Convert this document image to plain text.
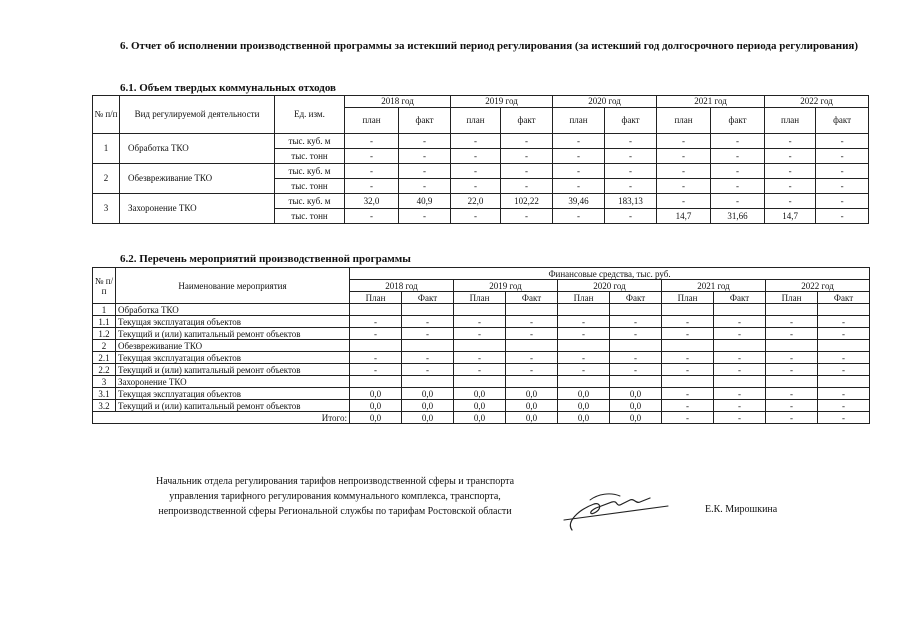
6. Отчет об исполнении производственной программы за истекший период регулирования (за истекший год долгосрочного периода регулирования)
6.1. Объем твердых коммунальных отходов
№ п/п	Вид регулируемой деятельности	Ед. изм.	2018 год		2019 год		2020 год		2021 год		2022 год	
			план	факт	план	факт	план	факт	план	факт	план	факт
1	Обработка ТКО	тыс. куб. м	-	-	-	-	-	-	-	-	-	-
		тыс. тонн	-	-	-	-	-	-	-	-	-	-
2	Обезвреживание ТКО	тыс. куб. м	-	-	-	-	-	-	-	-	-	-
		тыс. тонн	-	-	-	-	-	-	-	-	-	-
3	Захоронение ТКО	тыс. куб. м	32,0	40,9	22,0	102,22	39,46	183,13	-	-	-	-
		тыс. тонн	-	-	-	-	-	-	14,7	31,66	14,7	-
6.2. Перечень мероприятий производственной программы
№ п/п	Наименование мероприятия	Финансовые средства, тыс. руб.									
		2018 год		2019 год		2020 год		2021 год		2022 год	
		План	Факт	План	Факт	План	Факт	План	Факт	План	Факт
1	Обработка ТКО										
1.1	Текущая эксплуатация объектов	-	-	-	-	-	-	-	-	-	-
1.2	Текущий и (или) капитальный ремонт объектов	-	-	-	-	-	-	-	-	-	-
2	Обезвреживание ТКО										
2.1	Текущая эксплуатация объектов	-	-	-	-	-	-	-	-	-	-
2.2	Текущий и (или) капитальный ремонт объектов	-	-	-	-	-	-	-	-	-	-
3	Захоронение ТКО										
3.1	Текущая эксплуатация объектов	0,0	0,0	0,0	0,0	0,0	0,0	-	-	-	-
3.2	Текущий и (или) капитальный ремонт объектов	0,0	0,0	0,0	0,0	0,0	0,0	-	-	-	-
Итого:		0,0	0,0	0,0	0,0	0,0	0,0	-	-	-	-
Начальник отдела регулирования тарифов непроизводственной сферы и транспорта
управления тарифного регулирования коммунального комплекса, транспорта,
непроизводственной сферы Региональной службы по тарифам Ростовской области	Е.К. Мирошкина
